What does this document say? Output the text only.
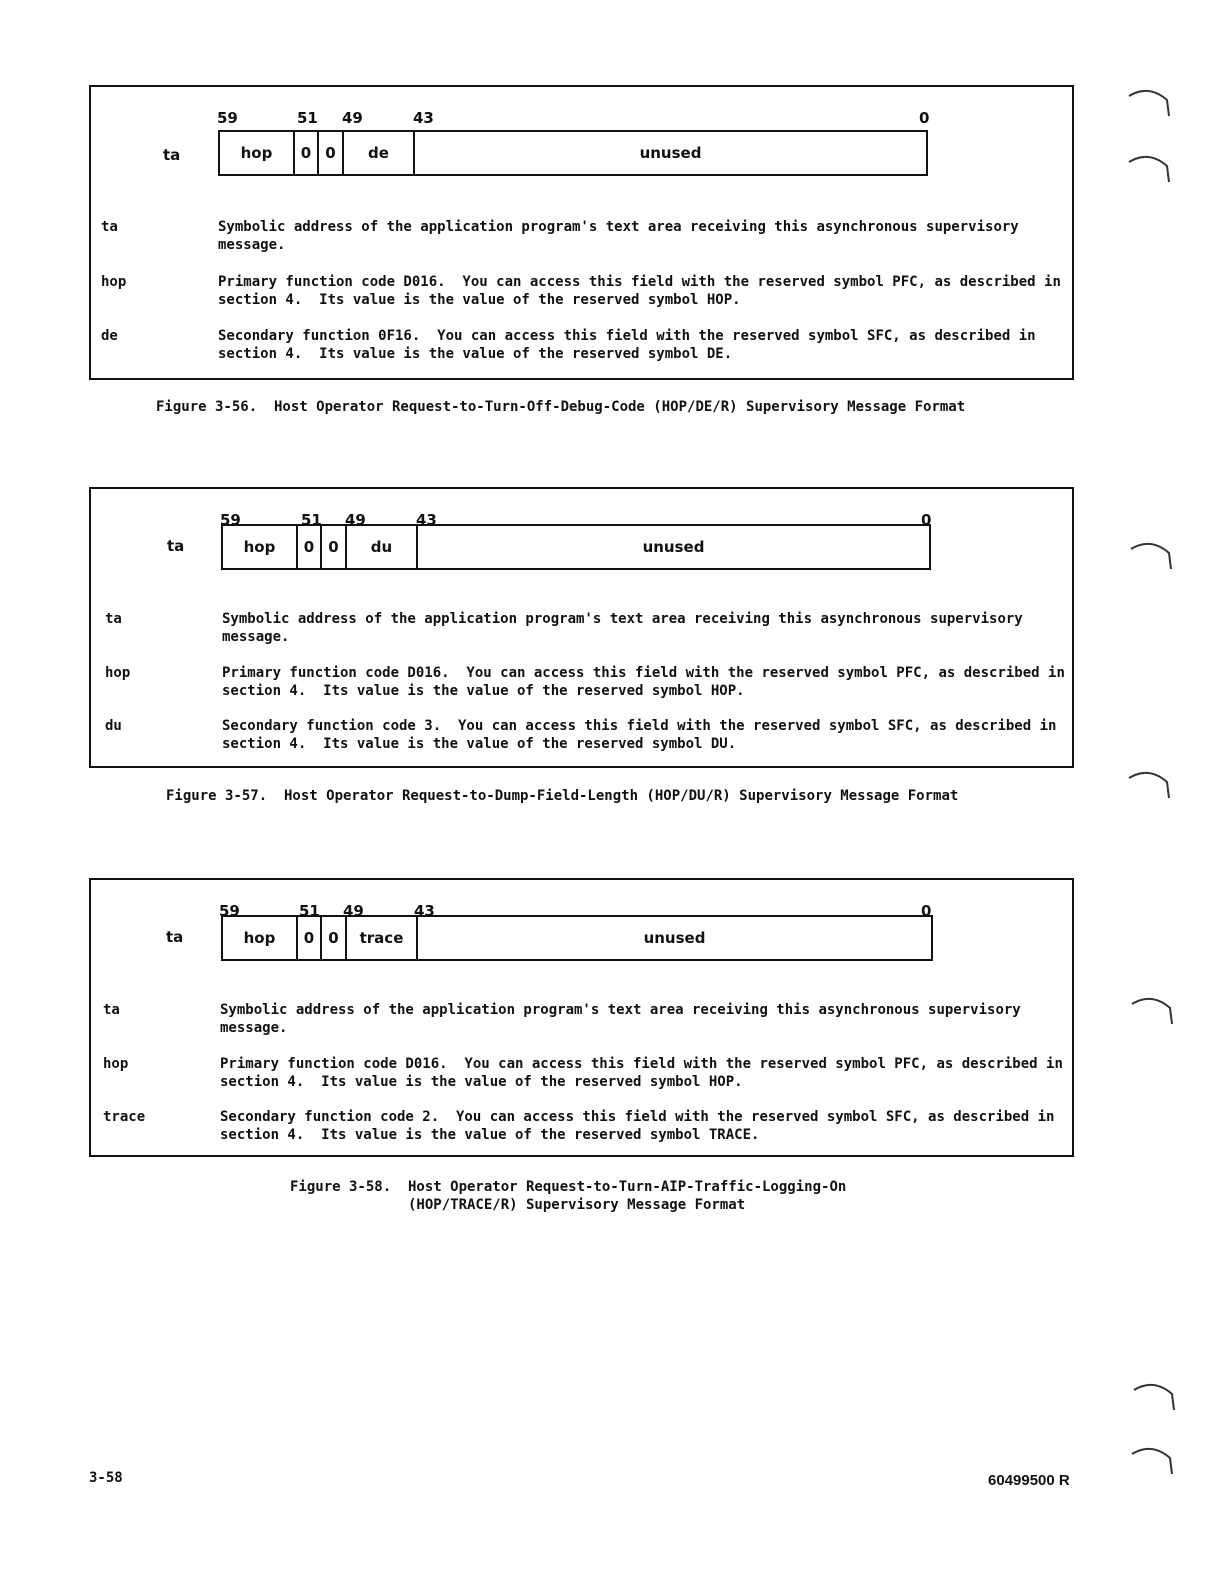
59	51 49	43	0
ta	hop	0 0	de	unused
ta	Symbolic address of the application program's text area receiving this asynchronous supervisory message.
hop	Primary function code D016.  You can access this field with the reserved symbol PFC, as described in section 4.  Its value is the value of the reserved symbol HOP.
de	Secondary function 0F16.  You can access this field with the reserved symbol SFC, as described in section 4.  Its value is the value of the reserved symbol DE.
Figure 3-56.  Host Operator Request-to-Turn-Off-Debug-Code (HOP/DE/R) Supervisory Message Format
59	51 49	43	0
ta	hop	0 0	du	unused
ta	Symbolic address of the application program's text area receiving this asynchronous supervisory message.
hop	Primary function code D016.  You can access this field with the reserved symbol PFC, as described in section 4.  Its value is the value of the reserved symbol HOP.
du	Secondary function code 3.  You can access this field with the reserved symbol SFC, as described in section 4.  Its value is the value of the reserved symbol DU.
Figure 3-57.  Host Operator Request-to-Dump-Field-Length (HOP/DU/R) Supervisory Message Format
59	51 49	43	0
ta	hop	0 0	trace	unused
ta	Symbolic address of the application program's text area receiving this asynchronous supervisory message.
hop	Primary function code D016.  You can access this field with the reserved symbol PFC, as described in section 4.  Its value is the value of the reserved symbol HOP.
trace	Secondary function code 2.  You can access this field with the reserved symbol SFC, as described in section 4.  Its value is the value of the reserved symbol TRACE.
Figure 3-58.  Host Operator Request-to-Turn-AIP-Traffic-Logging-On
(HOP/TRACE/R) Supervisory Message Format
3-58	60499500 R
